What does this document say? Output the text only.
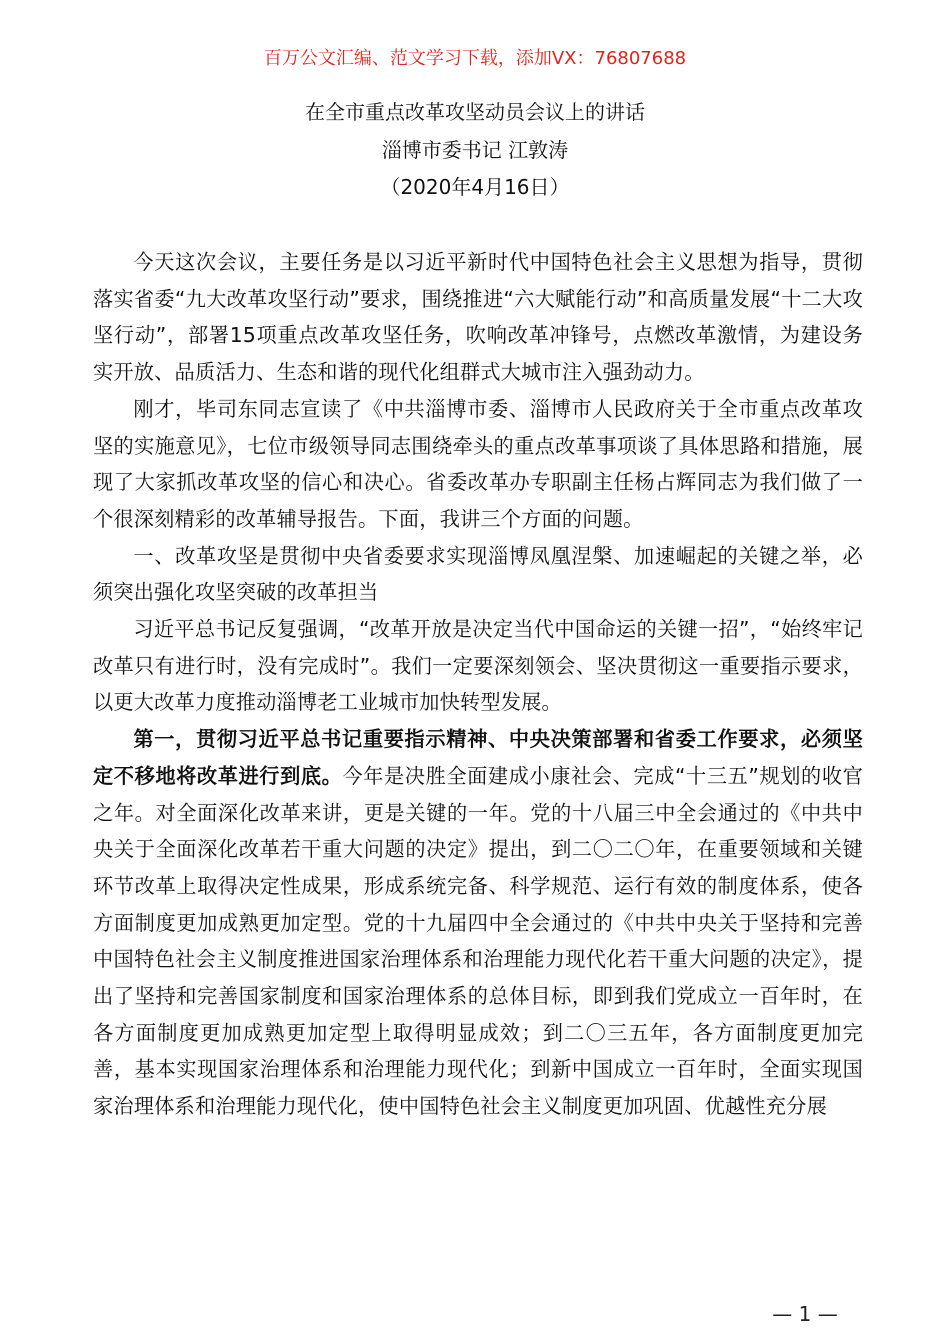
百万公文汇编、范文学习下载，添加VX：76807688
在全市重点改革攻坚动员会议上的讲话
淄博市委书记 江敦涛
（2020年4月16日）

今天这次会议，主要任务是以习近平新时代中国特色社会主义思想为指导，贯彻落实省委“九大改革攻坚行动”要求，围绕推进“六大赋能行动”和高质量发展“十二大攻坚行动”，部署15项重点改革攻坚任务，吹响改革冲锋号，点燃改革激情，为建设务实开放、品质活力、生态和谐的现代化组群式大城市注入强劲动力。

刚才，毕司东同志宣读了《中共淄博市委、淄博市人民政府关于全市重点改革攻坚的实施意见》，七位市级领导同志围绕牵头的重点改革事项谈了具体思路和措施，展现了大家抓改革攻坚的信心和决心。省委改革办专职副主任杨占辉同志为我们做了一个很深刻精彩的改革辅导报告。下面，我讲三个方面的问题。

一、改革攻坚是贯彻中央省委要求实现淄博凤凰涅槃、加速崛起的关键之举，必须突出强化攻坚突破的改革担当

习近平总书记反复强调，“改革开放是决定当代中国命运的关键一招”，“始终牢记改革只有进行时，没有完成时”。我们一定要深刻领会、坚决贯彻这一重要指示要求，以更大改革力度推动淄博老工业城市加快转型发展。

第一，贯彻习近平总书记重要指示精神、中央决策部署和省委工作要求，必须坚定不移地将改革进行到底。今年是决胜全面建成小康社会、完成“十三五”规划的收官之年。对全面深化改革来讲，更是关键的一年。党的十八届三中全会通过的《中共中央关于全面深化改革若干重大问题的决定》提出，到二〇二〇年，在重要领域和关键环节改革上取得决定性成果，形成系统完备、科学规范、运行有效的制度体系，使各方面制度更加成熟更加定型。党的十九届四中全会通过的《中共中央关于坚持和完善中国特色社会主义制度推进国家治理体系和治理能力现代化若干重大问题的决定》，提出了坚持和完善国家制度和国家治理体系的总体目标，即到我们党成立一百年时，在各方面制度更加成熟更加定型上取得明显成效；到二〇三五年，各方面制度更加完善，基本实现国家治理体系和治理能力现代化；到新中国成立一百年时，全面实现国家治理体系和治理能力现代化，使中国特色社会主义制度更加巩固、优越性充分展

— 1 —
